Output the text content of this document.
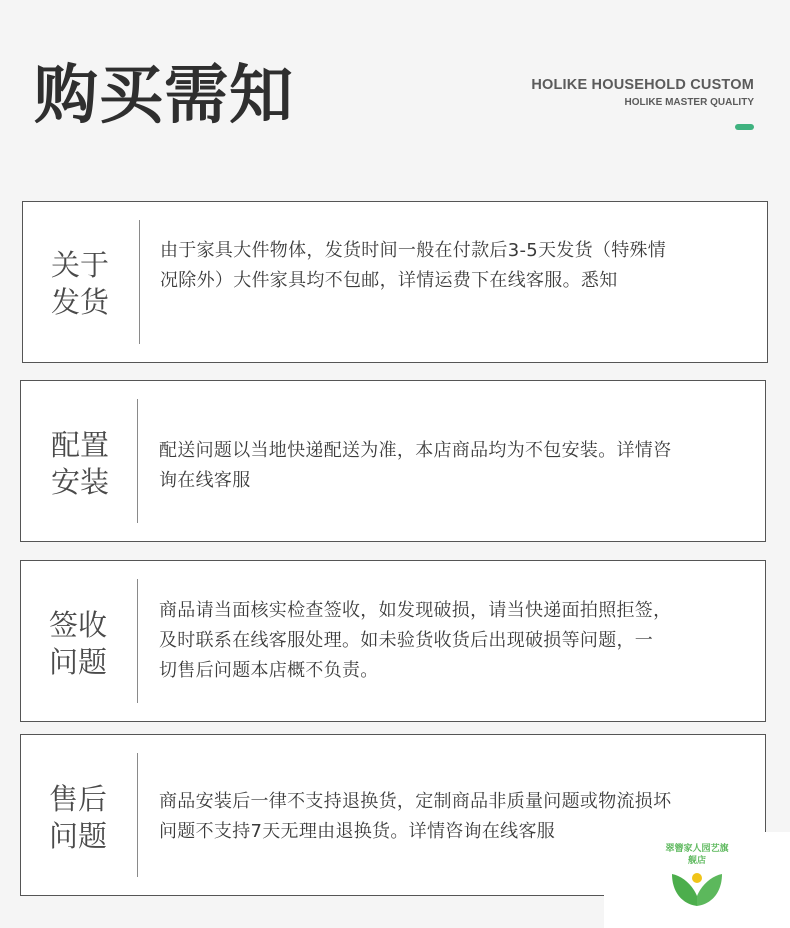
购买需知	HOLIKE HOUSEHOLD CUSTOM
HOLIKE MASTER QUALITY
关于
发货
由于家具大件物体，发货时间一般在付款后3-5天发货（特殊情
况除外）大件家具均不包邮，详情运费下在线客服。悉知
配置
安装
配送问题以当地快递配送为准，本店商品均为不包安装。详情咨
询在线客服
签收
问题
商品请当面核实检查签收，如发现破损，请当快递面拍照拒签，
及时联系在线客服处理。如未验货收货后出现破损等问题，一
切售后问题本店概不负责。
售后
问题
商品安装后一律不支持退换货，定制商品非质量问题或物流损坏
问题不支持7天无理由退换货。详情咨询在线客服
翠簪家人园艺旗
舰店
